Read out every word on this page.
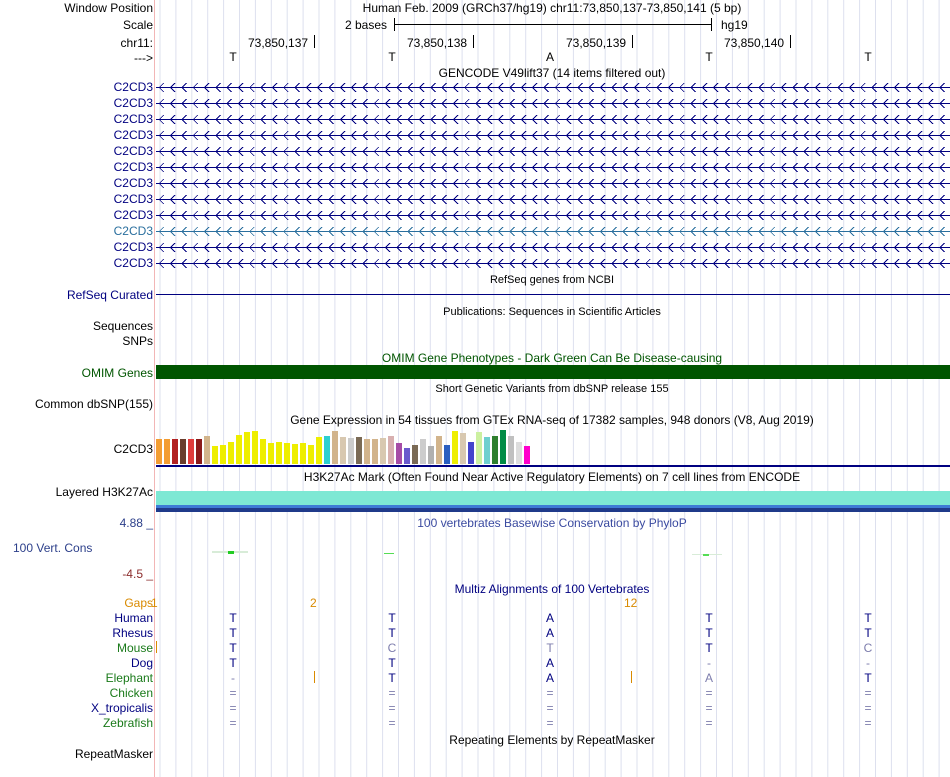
Window Position	Human Feb. 2009 (GRCh37/hg19) chr11:73,850,137-73,850,141 (5 bp)
Scale	2 bases	hg19
chr11:	73,850,137	73,850,138	73,850,139	73,850,140
--->	T	T	A	T	T
GENCODE V49lift37 (14 items filtered out)
C2CD3
C2CD3
C2CD3
C2CD3
C2CD3
C2CD3
C2CD3
C2CD3
C2CD3
C2CD3
C2CD3
C2CD3
RefSeq genes from NCBI
RefSeq Curated
Publications: Sequences in Scientific Articles
Sequences
SNPs
OMIM Gene Phenotypes - Dark Green Can Be Disease-causing
OMIM Genes
Short Genetic Variants from dbSNP release 155
Common dbSNP(155)
Gene Expression in 54 tissues from GTEx RNA-seq of 17382 samples, 948 donors (V8, Aug 2019)
C2CD3
H3K27Ac Mark (Often Found Near Active Regulatory Elements) on 7 cell lines from ENCODE
Layered H3K27Ac
4.88 _	100 vertebrates Basewise Conservation by PhyloP
100 Vert. Cons
-4.5 _
Multiz Alignments of 100 Vertebrates
Gaps
1	2	12
Human	T	T	A	T	T
Rhesus	T	T	A	T	T
Mouse	T	C	T	T	C
Dog	T	T	A	-	-
Elephant	-	T	A	A	T
Chicken	=	=	=	=	=
X_tropicalis	=	=	=	=	=
Zebrafish	=	=	=	=	=
Repeating Elements by RepeatMasker
RepeatMasker
